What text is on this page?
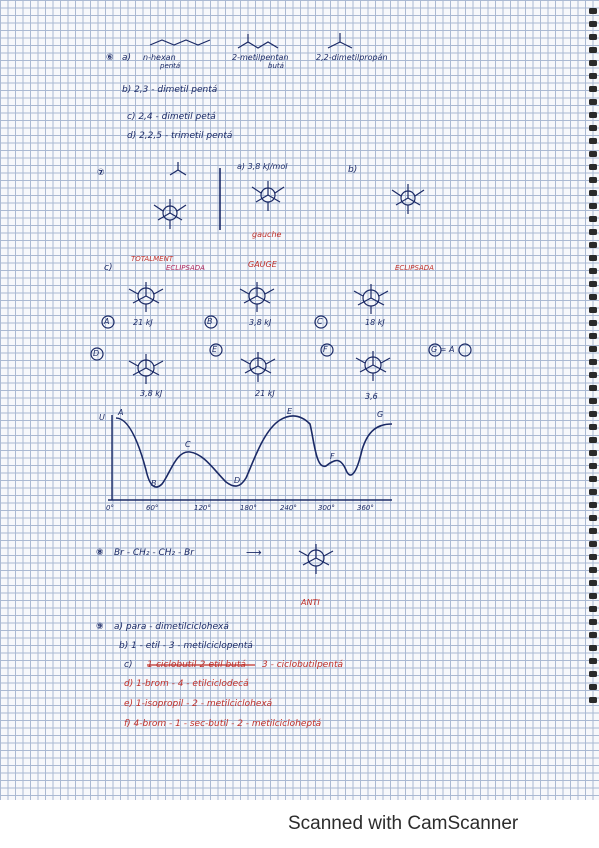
⑥ a) n-hexan
pentá
2-metilpentan
butá
2,2-dimetilpropán
b) 2,3 - dimetil pentá
c) 2,4 - dimetil petá
d) 2,2,5 - trimetil pentá
⑦
a) 3,8 kJ/mol
gauche
b)
c)
TOTALMENT
ECLIPSADA	GAUGE	ECLIPSADA
21 kJ	3,8 kJ	18 kJ
3,8 kJ	21 kJ	3,6
A	B	C
D	E	F	G = A
U
A
B
C
D
E
F
G
0°	60°	120°	180°	240°	300°	360°
⑧ Br - CH₂ - CH₂ - Br	⟶
ANTI
⑨ a) para - dimetilciclohexá
b) 1 - etil - 3 - metilciclopentá
c) 1-ciclobutil-2-etil butá 3 - ciclobutilpentá
d) 1-brom - 4 - etilciclodecá
e) 1-isopropil - 2 - metilciclohexá
f) 4-brom - 1 - sec-butil - 2 - metilcicloheptá
Scanned with CamScanner
